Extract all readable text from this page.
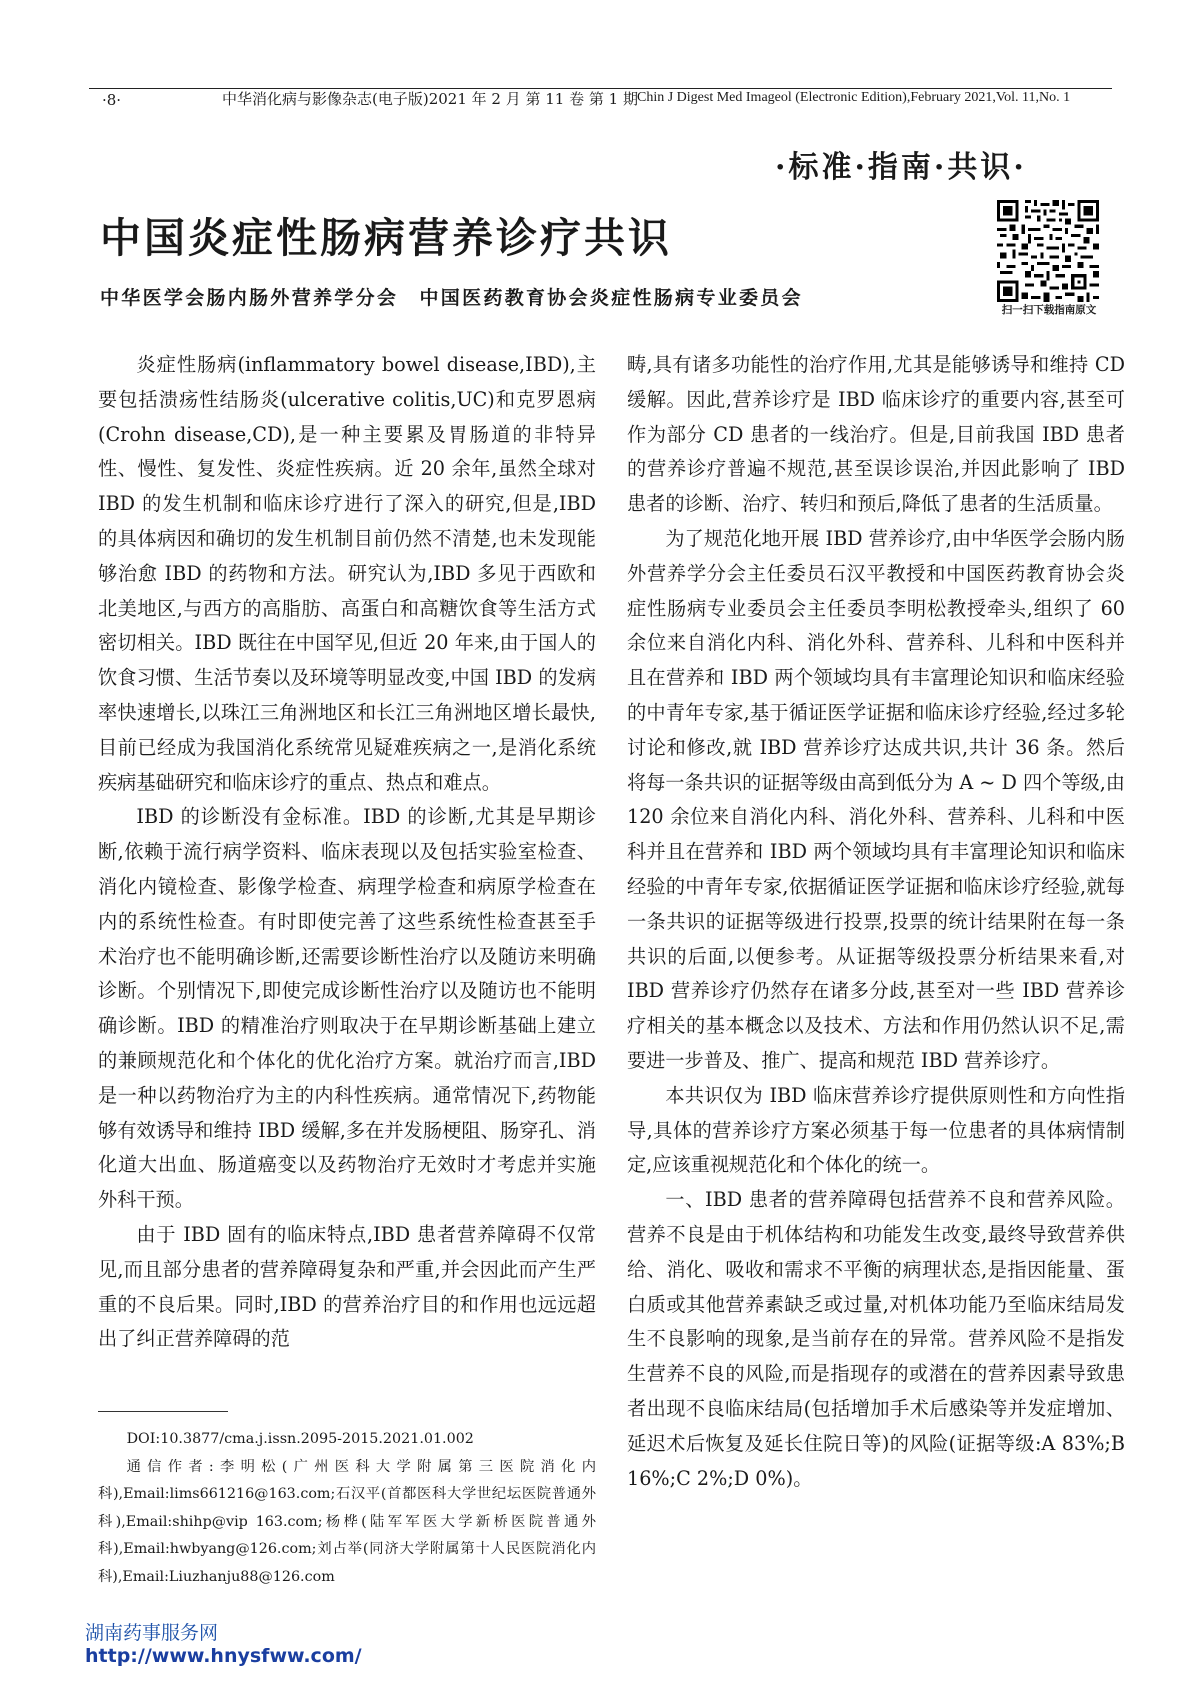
·8·	中华消化病与影像杂志(电子版)2021 年 2 月 第 11 卷 第 1 期 Chin J Digest Med Imageol (Electronic Edition),February 2021,Vol. 11,No. 1
·标准·指南·共识·
中国炎症性肠病营养诊疗共识
中华医学会肠内肠外营养学分会　中国医药教育协会炎症性肠病专业委员会
扫一扫下载指南原文

炎症性肠病(inflammatory bowel disease,IBD),主要包括溃疡性结肠炎(ulcerative colitis,UC)和克罗恩病(Crohn disease,CD),是一种主要累及胃肠道的非特异性、慢性、复发性、炎症性疾病。近 20 余年,虽然全球对 IBD 的发生机制和临床诊疗进行了深入的研究,但是,IBD 的具体病因和确切的发生机制目前仍然不清楚,也未发现能够治愈 IBD 的药物和方法。研究认为,IBD 多见于西欧和北美地区,与西方的高脂肪、高蛋白和高糖饮食等生活方式密切相关。IBD 既往在中国罕见,但近 20 年来,由于国人的饮食习惯、生活节奏以及环境等明显改变,中国 IBD 的发病率快速增长,以珠江三角洲地区和长江三角洲地区增长最快,目前已经成为我国消化系统常见疑难疾病之一,是消化系统疾病基础研究和临床诊疗的重点、热点和难点。

IBD 的诊断没有金标准。IBD 的诊断,尤其是早期诊断,依赖于流行病学资料、临床表现以及包括实验室检查、消化内镜检查、影像学检查、病理学检查和病原学检查在内的系统性检查。有时即使完善了这些系统性检查甚至手术治疗也不能明确诊断,还需要诊断性治疗以及随访来明确诊断。个别情况下,即使完成诊断性治疗以及随访也不能明确诊断。IBD 的精准治疗则取决于在早期诊断基础上建立的兼顾规范化和个体化的优化治疗方案。就治疗而言,IBD 是一种以药物治疗为主的内科性疾病。通常情况下,药物能够有效诱导和维持 IBD 缓解,多在并发肠梗阻、肠穿孔、消化道大出血、肠道癌变以及药物治疗无效时才考虑并实施外科干预。

由于 IBD 固有的临床特点,IBD 患者营养障碍不仅常见,而且部分患者的营养障碍复杂和严重,并会因此而产生严重的不良后果。同时,IBD 的营养治疗目的和作用也远远超出了纠正营养障碍的范

DOI:10.3877/cma.j.issn.2095-2015.2021.01.002

通信作者:李明松(广州医科大学附属第三医院消化内科),Email:lims661216@163.com;石汉平(首都医科大学世纪坛医院普通外科),Email:shihp@vip 163.com;杨桦(陆军军医大学新桥医院普通外科),Email:hwbyang@126.com;刘占举(同济大学附属第十人民医院消化内科),Email:Liuzhanju88@126.com

畴,具有诸多功能性的治疗作用,尤其是能够诱导和维持 CD 缓解。因此,营养诊疗是 IBD 临床诊疗的重要内容,甚至可作为部分 CD 患者的一线治疗。但是,目前我国 IBD 患者的营养诊疗普遍不规范,甚至误诊误治,并因此影响了 IBD 患者的诊断、治疗、转归和预后,降低了患者的生活质量。

为了规范化地开展 IBD 营养诊疗,由中华医学会肠内肠外营养学分会主任委员石汉平教授和中国医药教育协会炎症性肠病专业委员会主任委员李明松教授牵头,组织了 60 余位来自消化内科、消化外科、营养科、儿科和中医科并且在营养和 IBD 两个领域均具有丰富理论知识和临床经验的中青年专家,基于循证医学证据和临床诊疗经验,经过多轮讨论和修改,就 IBD 营养诊疗达成共识,共计 36 条。然后将每一条共识的证据等级由高到低分为 A ~ D 四个等级,由 120 余位来自消化内科、消化外科、营养科、儿科和中医科并且在营养和 IBD 两个领域均具有丰富理论知识和临床经验的中青年专家,依据循证医学证据和临床诊疗经验,就每一条共识的证据等级进行投票,投票的统计结果附在每一条共识的后面,以便参考。从证据等级投票分析结果来看,对 IBD 营养诊疗仍然存在诸多分歧,甚至对一些 IBD 营养诊疗相关的基本概念以及技术、方法和作用仍然认识不足,需要进一步普及、推广、提高和规范 IBD 营养诊疗。

本共识仅为 IBD 临床营养诊疗提供原则性和方向性指导,具体的营养诊疗方案必须基于每一位患者的具体病情制定,应该重视规范化和个体化的统一。

一、IBD 患者的营养障碍包括营养不良和营养风险。营养不良是由于机体结构和功能发生改变,最终导致营养供给、消化、吸收和需求不平衡的病理状态,是指因能量、蛋白质或其他营养素缺乏或过量,对机体功能乃至临床结局发生不良影响的现象,是当前存在的异常。营养风险不是指发生营养不良的风险,而是指现存的或潜在的营养因素导致患者出现不良临床结局(包括增加手术后感染等并发症增加、延迟术后恢复及延长住院日等)的风险(证据等级:A 83%;B 16%;C 2%;D 0%)。

湖南药事服务网
http://www.hnysfww.com/
